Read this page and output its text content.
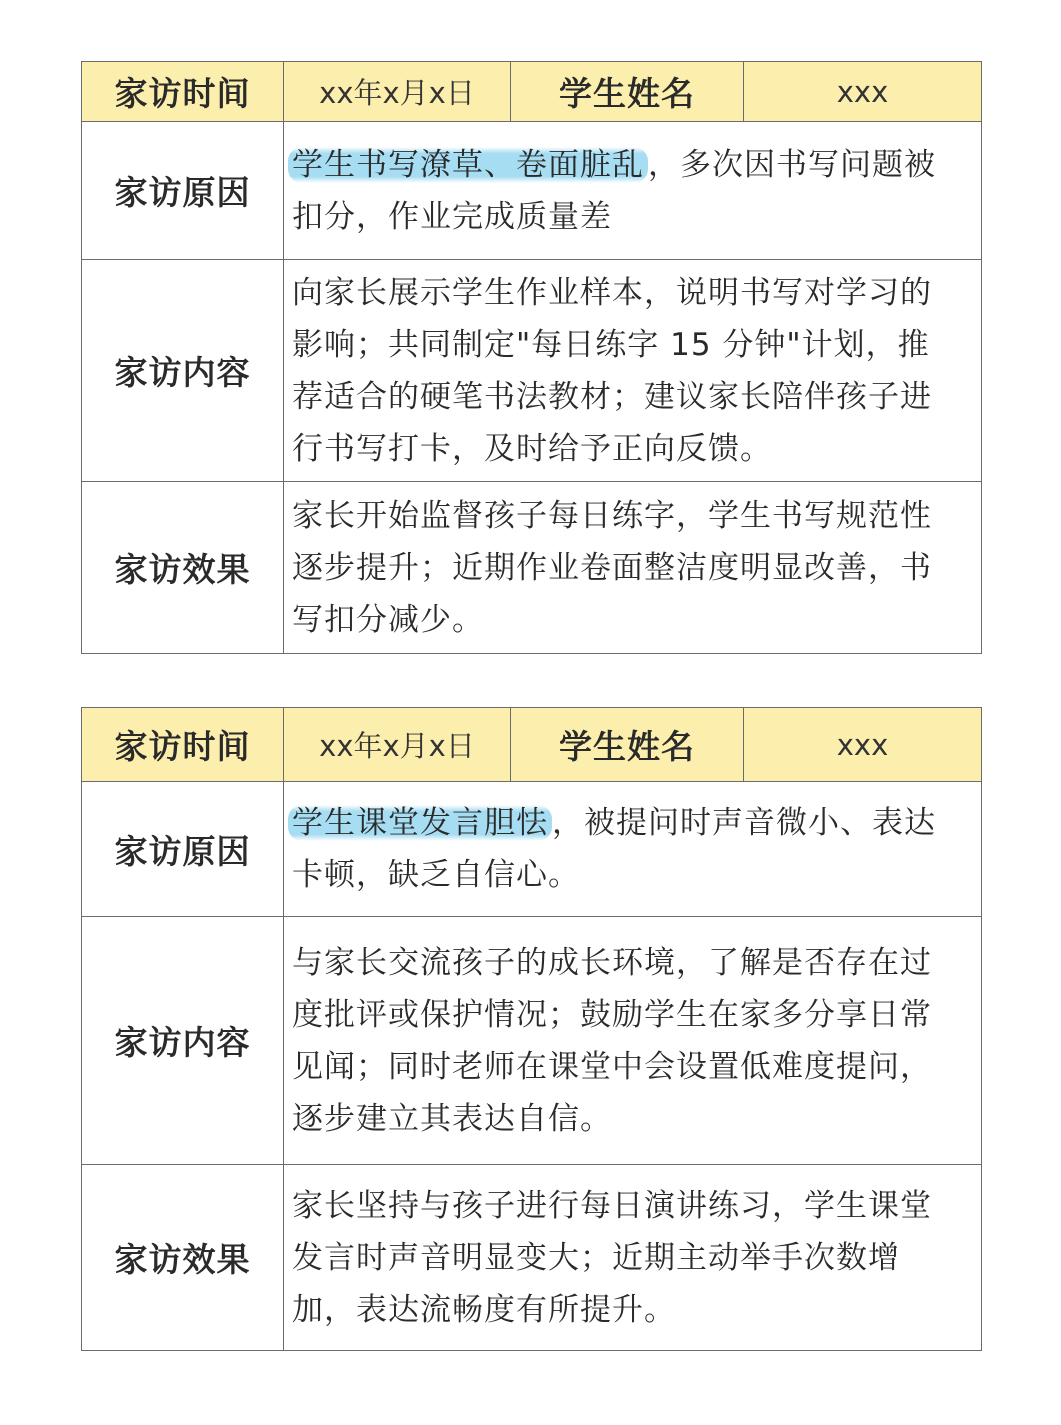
家访时间	xx年x月x日	学生姓名	xxx
家访原因	学生书写潦草、卷面脏乱 ，多次因书写问题被扣分，作业完成质量差		
家访内容	向家长展示学生作业样本，说明书写对学习的影响；共同制定"每日练字 15 分钟"计划，推荐适合的硬笔书法教材；建议家长陪伴孩子进行书写打卡，及时给予正向反馈。		
家访效果	家长开始监督孩子每日练字，学生书写规范性逐步提升；近期作业卷面整洁度明显改善，书写扣分减少。		
家访时间	xx年x月x日	学生姓名	xxx
家访原因	学生课堂发言胆怯 ，被提问时声音微小、表达卡顿，缺乏自信心。		
家访内容	与家长交流孩子的成长环境，了解是否存在过度批评或保护情况；鼓励学生在家多分享日常见闻；同时老师在课堂中会设置低难度提问，逐步建立其表达自信。		
家访效果	家长坚持与孩子进行每日演讲练习，学生课堂发言时声音明显变大；近期主动举手次数增加，表达流畅度有所提升。		
